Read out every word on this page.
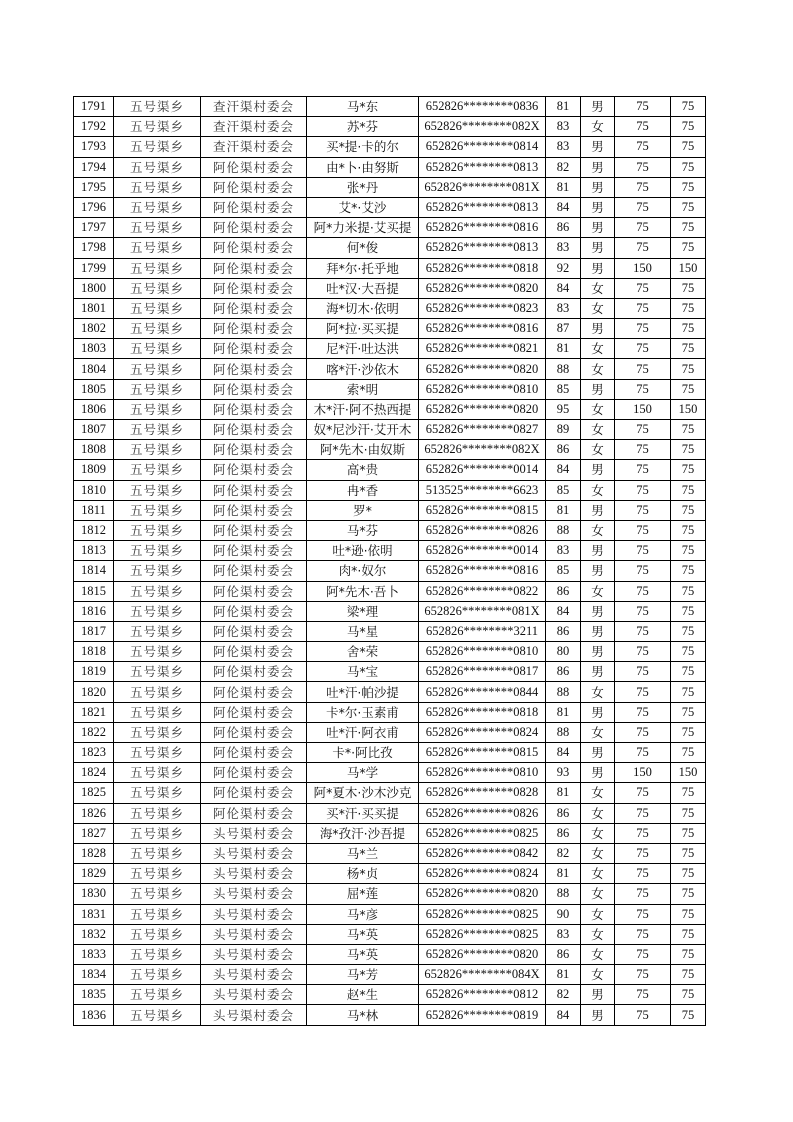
1791	五号渠乡	查汗渠村委会	马*东	652826********0836	81	男	75	75
1792	五号渠乡	查汗渠村委会	苏*芬	652826********082X	83	女	75	75
1793	五号渠乡	查汗渠村委会	买*提·卡的尔	652826********0814	83	男	75	75
1794	五号渠乡	阿伦渠村委会	由*卜·由努斯	652826********0813	82	男	75	75
1795	五号渠乡	阿伦渠村委会	张*丹	652826********081X	81	男	75	75
1796	五号渠乡	阿伦渠村委会	艾*·艾沙	652826********0813	84	男	75	75
1797	五号渠乡	阿伦渠村委会	阿*力米提·艾买提	652826********0816	86	男	75	75
1798	五号渠乡	阿伦渠村委会	何*俊	652826********0813	83	男	75	75
1799	五号渠乡	阿伦渠村委会	拜*尔·托乎地	652826********0818	92	男	150	150
1800	五号渠乡	阿伦渠村委会	吐*汉·大吾提	652826********0820	84	女	75	75
1801	五号渠乡	阿伦渠村委会	海*切木·依明	652826********0823	83	女	75	75
1802	五号渠乡	阿伦渠村委会	阿*拉·买买提	652826********0816	87	男	75	75
1803	五号渠乡	阿伦渠村委会	尼*汗·吐达洪	652826********0821	81	女	75	75
1804	五号渠乡	阿伦渠村委会	喀*汗·沙依木	652826********0820	88	女	75	75
1805	五号渠乡	阿伦渠村委会	索*明	652826********0810	85	男	75	75
1806	五号渠乡	阿伦渠村委会	木*汗·阿不热西提	652826********0820	95	女	150	150
1807	五号渠乡	阿伦渠村委会	奴*尼沙汗·艾开木	652826********0827	89	女	75	75
1808	五号渠乡	阿伦渠村委会	阿*先木·由奴斯	652826********082X	86	女	75	75
1809	五号渠乡	阿伦渠村委会	高*贵	652826********0014	84	男	75	75
1810	五号渠乡	阿伦渠村委会	冉*香	513525********6623	85	女	75	75
1811	五号渠乡	阿伦渠村委会	罗*	652826********0815	81	男	75	75
1812	五号渠乡	阿伦渠村委会	马*芬	652826********0826	88	女	75	75
1813	五号渠乡	阿伦渠村委会	吐*逊·依明	652826********0014	83	男	75	75
1814	五号渠乡	阿伦渠村委会	肉*·奴尔	652826********0816	85	男	75	75
1815	五号渠乡	阿伦渠村委会	阿*先木·吾卜	652826********0822	86	女	75	75
1816	五号渠乡	阿伦渠村委会	梁*理	652826********081X	84	男	75	75
1817	五号渠乡	阿伦渠村委会	马*星	652826********3211	86	男	75	75
1818	五号渠乡	阿伦渠村委会	舍*荣	652826********0810	80	男	75	75
1819	五号渠乡	阿伦渠村委会	马*宝	652826********0817	86	男	75	75
1820	五号渠乡	阿伦渠村委会	吐*汗·帕沙提	652826********0844	88	女	75	75
1821	五号渠乡	阿伦渠村委会	卡*尔·玉素甫	652826********0818	81	男	75	75
1822	五号渠乡	阿伦渠村委会	吐*汗·阿衣甫	652826********0824	88	女	75	75
1823	五号渠乡	阿伦渠村委会	卡*·阿比孜	652826********0815	84	男	75	75
1824	五号渠乡	阿伦渠村委会	马*学	652826********0810	93	男	150	150
1825	五号渠乡	阿伦渠村委会	阿*夏木·沙木沙克	652826********0828	81	女	75	75
1826	五号渠乡	阿伦渠村委会	买*汗·买买提	652826********0826	86	女	75	75
1827	五号渠乡	头号渠村委会	海*孜汗·沙吾提	652826********0825	86	女	75	75
1828	五号渠乡	头号渠村委会	马*兰	652826********0842	82	女	75	75
1829	五号渠乡	头号渠村委会	杨*贞	652826********0824	81	女	75	75
1830	五号渠乡	头号渠村委会	屈*莲	652826********0820	88	女	75	75
1831	五号渠乡	头号渠村委会	马*彦	652826********0825	90	女	75	75
1832	五号渠乡	头号渠村委会	马*英	652826********0825	83	女	75	75
1833	五号渠乡	头号渠村委会	马*英	652826********0820	86	女	75	75
1834	五号渠乡	头号渠村委会	马*芳	652826********084X	81	女	75	75
1835	五号渠乡	头号渠村委会	赵*生	652826********0812	82	男	75	75
1836	五号渠乡	头号渠村委会	马*林	652826********0819	84	男	75	75
